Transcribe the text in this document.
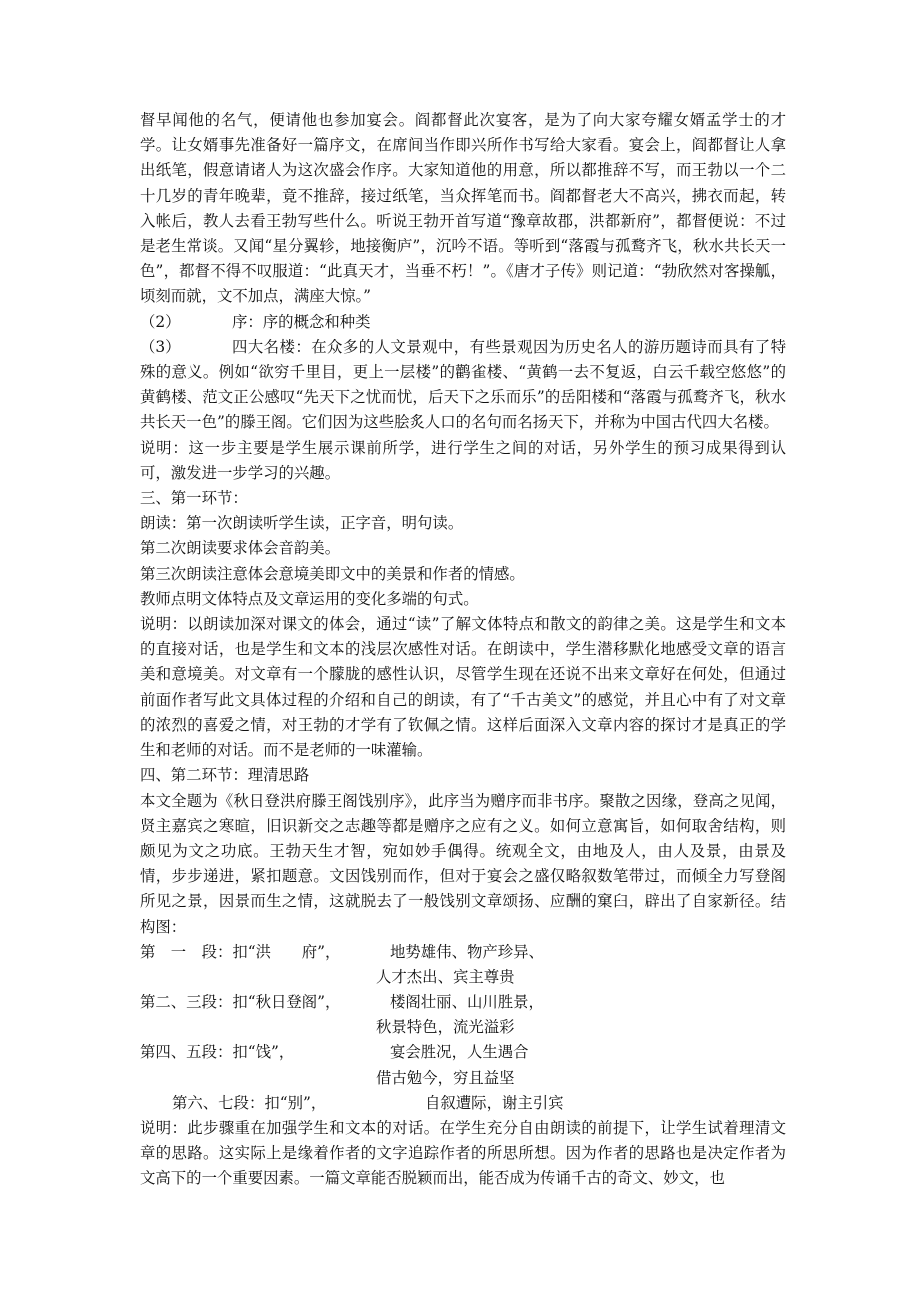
督早闻他的名气，便请他也参加宴会。阎都督此次宴客，是为了向大家夸耀女婿孟学士的才学。让女婿事先准备好一篇序文，在席间当作即兴所作书写给大家看。宴会上，阎都督让人拿出纸笔，假意请诸人为这次盛会作序。大家知道他的用意，所以都推辞不写，而王勃以一个二十几岁的青年晚辈，竟不推辞，接过纸笔，当众挥笔而书。阎都督老大不高兴，拂衣而起，转入帐后，教人去看王勃写些什么。听说王勃开首写道“豫章故郡，洪都新府”，都督便说：不过是老生常谈。又闻“星分翼轸，地接衡庐”，沉吟不语。等听到“落霞与孤鹜齐飞，秋水共长天一色”，都督不得不叹服道：“此真天才，当垂不朽！”。《唐才子传》则记道：“勃欣然对客操觚，顷刻而就，文不加点，满座大惊。”

（2）	序：序的概念和种类
（3）	四大名楼：在众多的人文景观中，有些景观因为历史名人的游历题诗而具有了特殊的意义。例如“欲穷千里目，更上一层楼”的鹳雀楼、“黄鹤一去不复返，白云千载空悠悠”的黄鹤楼、范文正公感叹“先天下之忧而忧，后天下之乐而乐”的岳阳楼和“落霞与孤鹜齐飞，秋水共长天一色”的滕王阁。它们因为这些脍炙人口的名句而名扬天下，并称为中国古代四大名楼。

说明：这一步主要是学生展示课前所学，进行学生之间的对话，另外学生的预习成果得到认可，激发进一步学习的兴趣。

三、第一环节：

朗读：第一次朗读听学生读，正字音，明句读。

第二次朗读要求体会音韵美。

第三次朗读注意体会意境美即文中的美景和作者的情感。

教师点明文体特点及文章运用的变化多端的句式。

说明：以朗读加深对课文的体会，通过“读”了解文体特点和散文的韵律之美。这是学生和文本的直接对话，也是学生和文本的浅层次感性对话。在朗读中，学生潜移默化地感受文章的语言美和意境美。对文章有一个朦胧的感性认识，尽管学生现在还说不出来文章好在何处，但通过前面作者写此文具体过程的介绍和自己的朗读，有了“千古美文”的感觉，并且心中有了对文章的浓烈的喜爱之情，对王勃的才学有了钦佩之情。这样后面深入文章内容的探讨才是真正的学生和老师的对话。而不是老师的一味灌输。

四、第二环节：理清思路

本文全题为《秋日登洪府滕王阁饯别序》，此序当为赠序而非书序。聚散之因缘，登高之见闻，贤主嘉宾之寒暄，旧识新交之志趣等都是赠序之应有之义。如何立意寓旨，如何取舍结构，则颇见为文之功底。王勃天生才智，宛如妙手偶得。统观全文，由地及人，由人及景，由景及情，步步递进，紧扣题意。文因饯别而作，但对于宴会之盛仅略叙数笔带过，而倾全力写登阁所见之景，因景而生之情，这就脱去了一般饯别文章颂扬、应酬的窠臼，辟出了自家新径。结构图：

第　一　段：扣“洪　　府”，	地势雄伟、物产珍异、
人才杰出、宾主尊贵
第二、三段：扣“秋日登阁”，	楼阁壮丽、山川胜景，
秋景特色，流光溢彩
第四、五段：扣“饯”，	宴会胜况，人生遇合
借古勉今，穷且益坚
第六、七段：扣“别”，	自叙遭际，谢主引宾

说明：此步骤重在加强学生和文本的对话。在学生充分自由朗读的前提下，让学生试着理清文章的思路。这实际上是缘着作者的文字追踪作者的所思所想。因为作者的思路也是决定作者为文高下的一个重要因素。一篇文章能否脱颖而出，能否成为传诵千古的奇文、妙文，也
